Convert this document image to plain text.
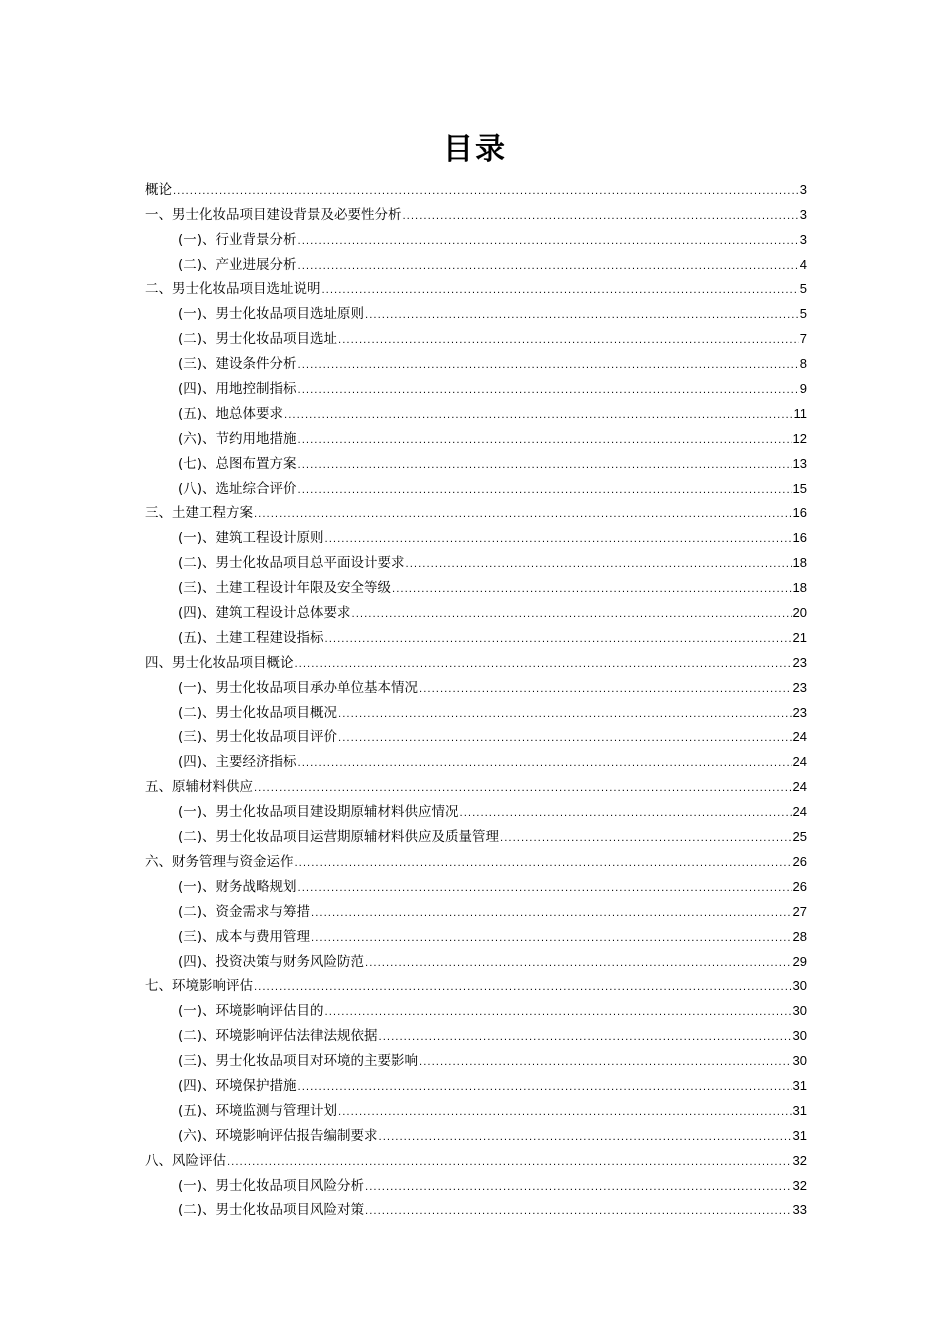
目录
概论 .....	3
一、男士化妆品项目建设背景及必要性分析 .....	3
(一)、行业背景分析 .....	3
(二)、产业进展分析 .....	4
二、男士化妆品项目选址说明 .....	5
(一)、男士化妆品项目选址原则 .....	5
(二)、男士化妆品项目选址 .....	7
(三)、建设条件分析 .....	8
(四)、用地控制指标 .....	9
(五)、地总体要求 .....	11
(六)、节约用地措施 .....	12
(七)、总图布置方案 .....	13
(八)、选址综合评价 .....	15
三、土建工程方案 .....	16
(一)、建筑工程设计原则 .....	16
(二)、男士化妆品项目总平面设计要求 .....	18
(三)、土建工程设计年限及安全等级 .....	18
(四)、建筑工程设计总体要求 .....	20
(五)、土建工程建设指标 .....	21
四、男士化妆品项目概论 .....	23
(一)、男士化妆品项目承办单位基本情况 .....	23
(二)、男士化妆品项目概况 .....	23
(三)、男士化妆品项目评价 .....	24
(四)、主要经济指标 .....	24
五、原辅材料供应 .....	24
(一)、男士化妆品项目建设期原辅材料供应情况 .....	24
(二)、男士化妆品项目运营期原辅材料供应及质量管理 .....	25
六、财务管理与资金运作 .....	26
(一)、财务战略规划 .....	26
(二)、资金需求与筹措 .....	27
(三)、成本与费用管理 .....	28
(四)、投资决策与财务风险防范 .....	29
七、环境影响评估 .....	30
(一)、环境影响评估目的 .....	30
(二)、环境影响评估法律法规依据 .....	30
(三)、男士化妆品项目对环境的主要影响 .....	30
(四)、环境保护措施 .....	31
(五)、环境监测与管理计划 .....	31
(六)、环境影响评估报告编制要求 .....	31
八、风险评估 .....	32
(一)、男士化妆品项目风险分析 .....	32
(二)、男士化妆品项目风险对策 .....	33
